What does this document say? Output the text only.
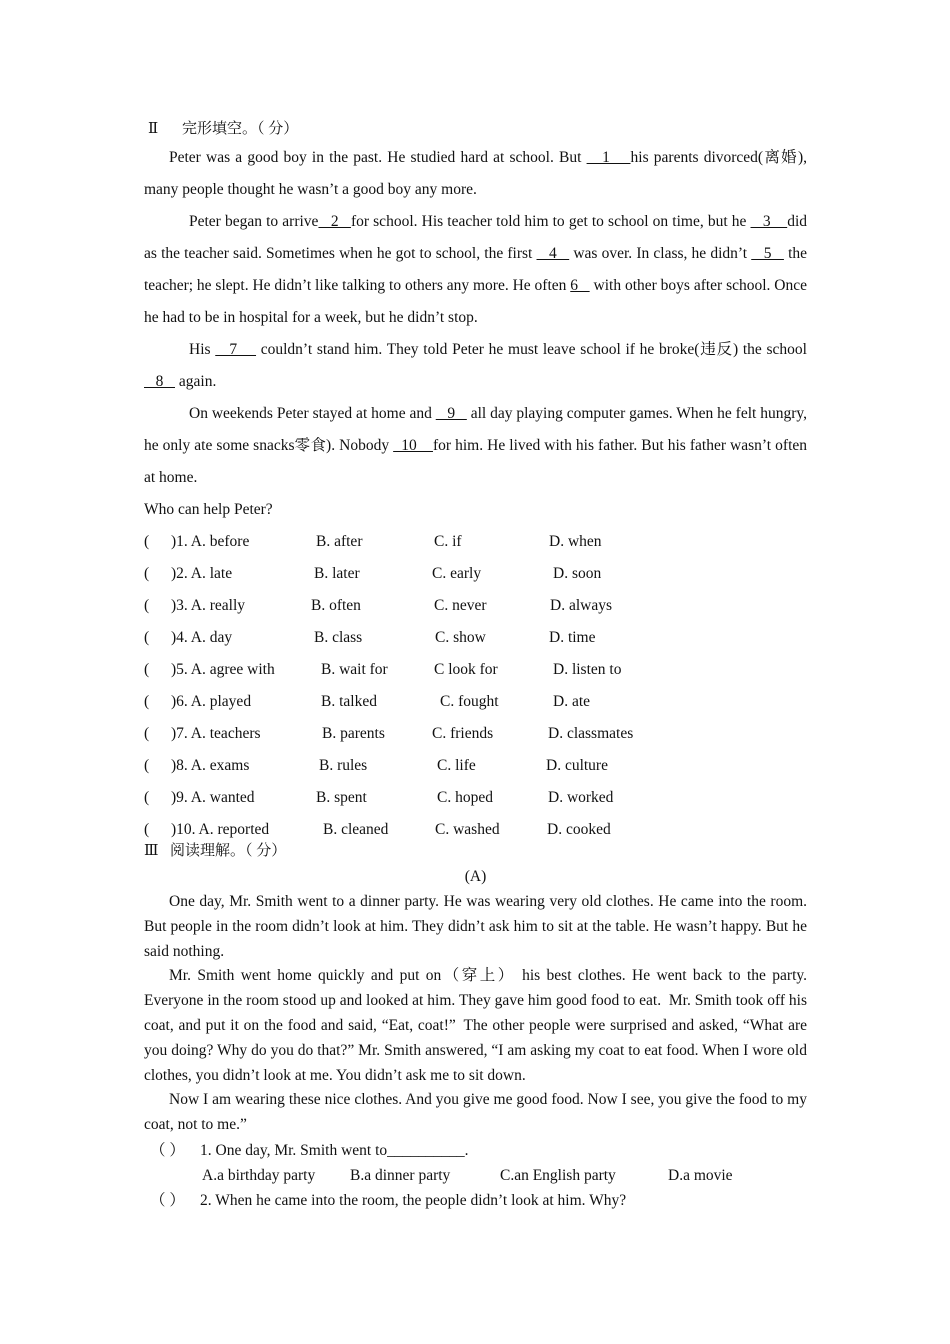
Ⅱ 完形填空。（ 分）

Peter was a good boy in the past. He studied hard at school. But    1    his parents divorced(离婚), many people thought he wasn’t a good boy any more.

Peter began to arrive   2   for school. His teacher told him to get to school on time, but he    3    did as the teacher said. Sometimes when he got to school, the first    4    was over. In class, he didn’t    5    the teacher; he slept. He didn’t like talking to others any more. He often 6    with other boys after school. Once he had to be in hospital for a week, but he didn’t stop.

His    7     couldn’t stand him. They told Peter he must leave school if he broke(违反) the school    8    again.

On weekends Peter stayed at home and    9    all day playing computer games. When he felt hungry, he only ate some snacks零食). Nobody   10    for him. He lived with his father. But his father wasn’t often at home.

Who can help Peter?
( )1. A. before	B. after	C. if	D. when
( )2. A. late	B. later	C. early	D. soon
( )3. A. really	B. often	C. never	D. always
( )4. A. day	B. class	C. show	D. time
( )5. A. agree with	B. wait for	C look for	D. listen to
( )6. A. played	B. talked	C. fought	D. ate
( )7. A. teachers	B. parents	C. friends	D. classmates
( )8. A. exams	B. rules	C. life	D. culture
( )9. A. wanted	B. spent	C. hoped	D. worked
( )10. A. reported	B. cleaned	C. washed	D. cooked
Ⅲ 阅读理解。（ 分）
(A)

One day, Mr. Smith went to a dinner party. He was wearing very old clothes. He came into the room. But people in the room didn’t look at him. They didn’t ask him to sit at the table. He wasn’t happy. But he said nothing.

Mr. Smith went home quickly and put on（穿上） his best clothes. He went back to the party. Everyone in the room stood up and looked at him. They gave him good food to eat. Mr. Smith took off his coat, and put it on the food and said, “Eat, coat!” The other people were surprised and asked, “What are you doing? Why do you do that?” Mr. Smith answered, “I am asking my coat to eat food. When I wore old clothes, you didn’t look at me. You didn’t ask me to sit down.

Now I am wearing these nice clothes. And you give me good food. Now I see, you give the food to my coat, not to me.”

（ ） 1. One day, Mr. Smith went to__________.
A.a birthday party B.a dinner party	C.an English party	D.a movie
（ ） 2. When he came into the room, the people didn’t look at him. Why?
